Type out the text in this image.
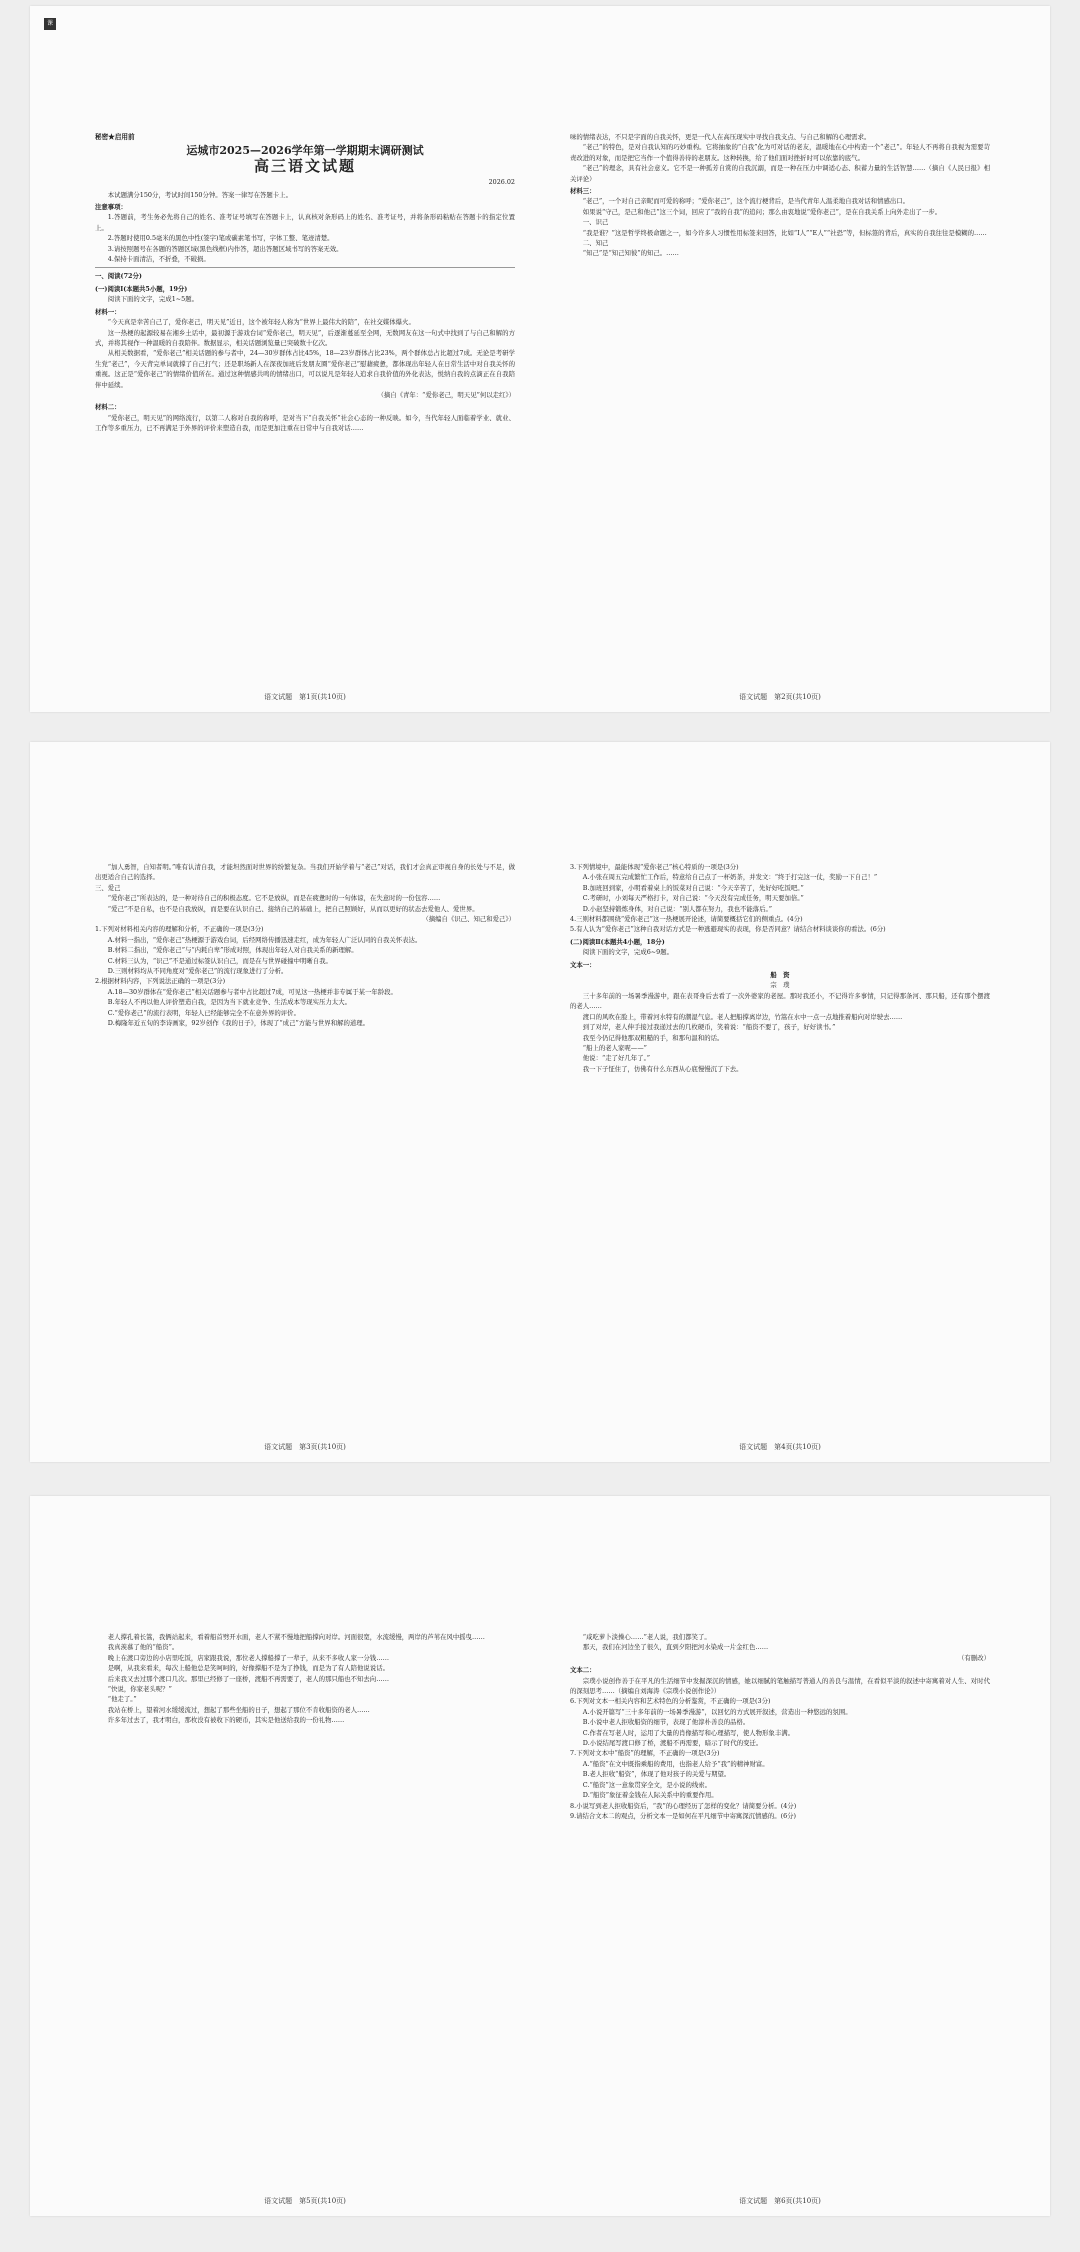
课
秘密★启用前
运城市2025—2026学年第一学期期末调研测试
高三语文试题
2026.02

本试题满分150分，考试时间150分钟。答案一律写在答题卡上。

注意事项：

1.答题前，考生务必先将自己的姓名、准考证号填写在答题卡上，认真核对条形码上的姓名、准考证号，并将条形码粘贴在答题卡的指定位置上。

2.答题时使用0.5毫米的黑色中性(签字)笔或碳素笔书写，字体工整、笔迹清楚。

3.请按照题号在各题的答题区域(黑色线框)内作答，超出答题区域书写的答案无效。

4.保持卡面清洁，不折叠，不破损。

一、阅读(72分)

(一)阅读Ⅰ(本题共5小题，19分)

阅读下面的文字，完成1~5题。

材料一：

“今天真是幸苦自己了，爱你老己，明天见”近日，这个被年轻人称为“世界上最伟大的陪”，在社交媒体爆火。

这一热梗的起源较易在湘乡土话中，最初源于游戏台词“爱你老己，明天见”，后逐渐蔓延至全网，无数网友在这一句式中找到了与自己和解的方式，并将其视作一种温暖的自我陪伴。数据显示，相关话题浏览量已突破数十亿次。

从相关数据看，“爱你老己”相关话题的参与者中，24—30岁群体占比45%，18—23岁群体占比23%，两个群体总占比超过7成。无论是考研学生党“老己”，今天背完单词就撑了自己打气；还是职场新人在深夜加班后发朋友圈“爱你老己”慰藉疲惫，都体现出年轻人在日常生活中对自我关怀的重视。这正是“爱你老己”的情绪价值所在。通过这种情感共鸣的情绪出口，可以说凡是年轻人追求自我价值的外化表达，悦纳自我的点滴正在自我陪伴中延续。

（摘自《青年：“爱你老己，明天见”何以走红》）

材料二：

“爱你老己，明天见”的网络流行，以第二人称对自我的称呼，是对当下“自我关怀”社会心态的一种反映。如今，当代年轻人面临着学业、就业、工作等多重压力，已不再满足于外界的评价来塑造自我，而是更加注重在日常中与自我对话……

语文试题　第1页(共10页)

味的情绪表达，不只是字面的自我关怀，更是一代人在高压现实中寻找自我支点、与自己和解的心理需求。

“老己”的特色，是对自我认知的巧妙重构。它将抽象的“自我”化为可对话的老友，温暖地在心中构造一个“老己”。年轻人不再将自我视为需要苛责改进的对象，而是把它当作一个值得善待的老朋友。这种转换，给了他们面对挫折时可以依靠的底气。

“老己”的理念，具有社会意义。它不是一种孤芳自赏的自我沉溺，而是一种在压力中调适心态、积蓄力量的生活智慧……（摘自《人民日报》相关评论）

材料三：

“老己”，一个对自己亲昵而可爱的称呼；“爱你老己”，这个流行梗背后，是当代青年人温柔地自我对话和情感出口。

如果说“守己，是己和他己”这三个词，回应了“我的自我”的追问；那么由衷地说“爱你老己”，是在自我关系上向外走出了一步。

一、识己

“我是谁？”这是哲学终极命题之一，如今许多人习惯性用标签来回答，比如“I人”“E人”“社恐”等，但标签的背后，真实的自我往往是模糊的……

二、知己

“知己”是“知己知彼”的知己。……

语文试题　第2页(共10页)

“加人勇智，自知者明。”唯有认清自我，才能坦然面对世界的纷繁复杂。当我们开始学着与“老己”对话，我们才会真正审视自身的长处与不足，做出更适合自己的选择。

三、爱己

“爱你老己”所表达的，是一种对待自己的积极态度。它不是放纵，而是在疲惫时的一句体谅，在失意时的一份包容……

“爱己”不是自私，也不是自我放纵，而是要在认识自己、接纳自己的基础上，把自己照顾好，从而以更好的状态去爱他人、爱世界。

（摘编自《识己、知己和爱己》）

1.下列对材料相关内容的理解和分析，不正确的一项是(3分)

A.材料一指出，“爱你老己”热梗源于游戏台词，后经网络传播迅速走红，成为年轻人广泛认同的自我关怀表达。

B.材料二指出，“爱你老己”与“内耗自卑”形成对照，体现出年轻人对自我关系的新理解。

C.材料三认为，“识己”不是通过标签认识自己，而是在与世界碰撞中明晰自我。

D.三则材料均从不同角度对“爱你老己”的流行现象进行了分析。

2.根据材料内容，下列说法正确的一项是(3分)

A.18—30岁群体在“爱你老己”相关话题参与者中占比超过7成，可见这一热梗并非专属于某一年龄段。

B.年轻人不再以他人评价塑造自我，是因为当下就业竞争、生活成本等现实压力太大。

C.“爱你老己”的流行表明，年轻人已经能够完全不在意外界的评价。

D.梅隆年近五旬的李诗画家，92岁创作《我的日子》，体现了“成己”方能与世界和解的道理。

语文试题　第3页(共10页)

3.下列情境中，最能体现“爱你老己”核心特质的一项是(3分)

A.小张在周五完成繁忙工作后，特意给自己点了一杯奶茶，并发文：“终于打完这一仗，奖励一下自己！”

B.加班回到家，小明看着桌上的饭菜对自己说：“今天辛苦了，先好好吃饭吧。”

C.考研时，小刘每天严格打卡，对自己说：“今天没有完成任务，明天要加倍。”

D.小赵坚持锻炼身体，对自己说：“别人都在努力，我也不能落后。”

4.三则材料都围绕“爱你老己”这一热梗展开论述，请简要概括它们的侧重点。(4分)

5.有人认为“爱你老己”这种自我对话方式是一种逃避现实的表现，你是否同意？请结合材料谈谈你的看法。(6分)

(二)阅读Ⅱ(本题共4小题，18分)

阅读下面的文字，完成6~9题。

文本一：

船　资

宗　璞

三十多年前的一场暑季漫游中，跟在表哥身后去看了一次外婆家的老屋。那时我还小，不记得许多事情，只记得那条河、那只船，还有那个摆渡的老人……

渡口的风吹在脸上，带着河水特有的潮湿气息。老人把船撑离岸边，竹篙在水中一点一点地推着船向对岸驶去……

到了对岸，老人伸手接过我递过去的几枚硬币，笑着说：“船资不要了，孩子，好好读书。”

我至今仍记得他那双粗糙的手，和那句温和的话。

“船上的老人家呢——”

他说：“走了好几年了。”

我一下子怔住了，仿佛有什么东西从心底慢慢沉了下去。

语文试题　第4页(共10页)

老人撑孔着长篙，我俩站起来，看着船首劈开水面，老人不紧不慢地把船撑向对岸。河面很宽，水流缓慢，两岸的芦苇在风中摇曳……

我真羡慕了他的“船资”。

晚上在渡口旁边的小店里吃饭，店家跟我说，那位老人撑船撑了一辈子，从来不多收人家一分钱……

是啊，从我来看来，每次上船他总是笑呵呵的，好像撑船不是为了挣钱，而是为了有人陪他说说话。

后来我又去过那个渡口几次。那里已经修了一座桥，渡船不再需要了，老人的那只船也不知去向……

“快说，你家老头呢？”

“他走了。”

我站在桥上，望着河水缓缓流过，想起了那些坐船的日子，想起了那位不肯收船资的老人……

许多年过去了，我才明白，那枚没有被收下的硬币，其实是他送给我的一份礼物……

语文试题　第5页(共10页)

“咸吃萝卜淡操心……”老人说，我们都笑了。

那天，我们在河边坐了很久，直到夕阳把河水染成一片金红色……

（有删改）

文本二：

宗璞小说创作善于在平凡的生活细节中发掘深沉的情感，她以细腻的笔触描写普通人的善良与温情，在看似平淡的叙述中寄寓着对人生、对时代的深刻思考……（摘编自刘海涛《宗璞小说创作论》）

6.下列对文本一相关内容和艺术特色的分析鉴赏，不正确的一项是(3分)

A.小说开篇写“三十多年前的一场暑季漫游”，以回忆的方式展开叙述，营造出一种悠远的氛围。

B.小说中老人拒收船资的细节，表现了他淳朴善良的品格。

C.作者在写老人时，运用了大量的肖像描写和心理描写，使人物形象丰满。

D.小说结尾写渡口修了桥，渡船不再需要，暗示了时代的变迁。

7.下列对文本中“船资”的理解，不正确的一项是(3分)

A.“船资”在文中既指乘船的费用，也指老人给予“我”的精神财富。

B.老人拒收“船资”，体现了他对孩子的关爱与期望。

C.“船资”这一意象贯穿全文，是小说的线索。

D.“船资”象征着金钱在人际关系中的重要作用。

8.小说写到老人拒收船资后，“我”的心理经历了怎样的变化？请简要分析。(4分)

9.请结合文本二的观点，分析文本一是如何在平凡细节中寄寓深沉情感的。(6分)

语文试题　第6页(共10页)
